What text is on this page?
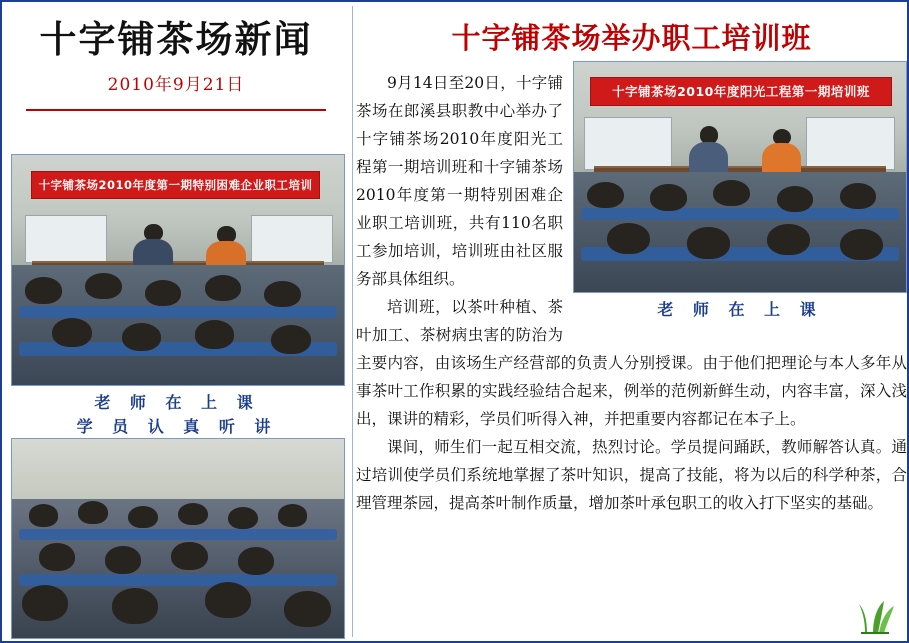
十字铺茶场新闻
2010年9月21日
十字铺茶场2010年度第一期特别困难企业职工培训
老 师 在 上 课
学 员 认 真 听 讲
十字铺茶场举办职工培训班
十字铺茶场2010年度阳光工程第一期培训班
老 师 在 上 课

9月14日至20日，十字铺茶场在郎溪县职教中心举办了十字铺茶场2010年度阳光工程第一期培训班和十字铺茶场2010年度第一期特别困难企业职工培训班，共有110名职工参加培训，培训班由社区服务部具体组织。

培训班，以茶叶种植、茶叶加工、茶树病虫害的防治为主要内容，由该场生产经营部的负责人分别授课。由于他们把理论与本人多年从事茶叶工作积累的实践经验结合起来，例举的范例新鲜生动，内容丰富，深入浅出，课讲的精彩，学员们听得入神，并把重要内容都记在本子上。

课间，师生们一起互相交流，热烈讨论。学员提问踊跃，教师解答认真。通过培训使学员们系统地掌握了茶叶知识，提高了技能，将为以后的科学种茶，合理管理茶园，提高茶叶制作质量，增加茶叶承包职工的收入打下坚实的基础。
